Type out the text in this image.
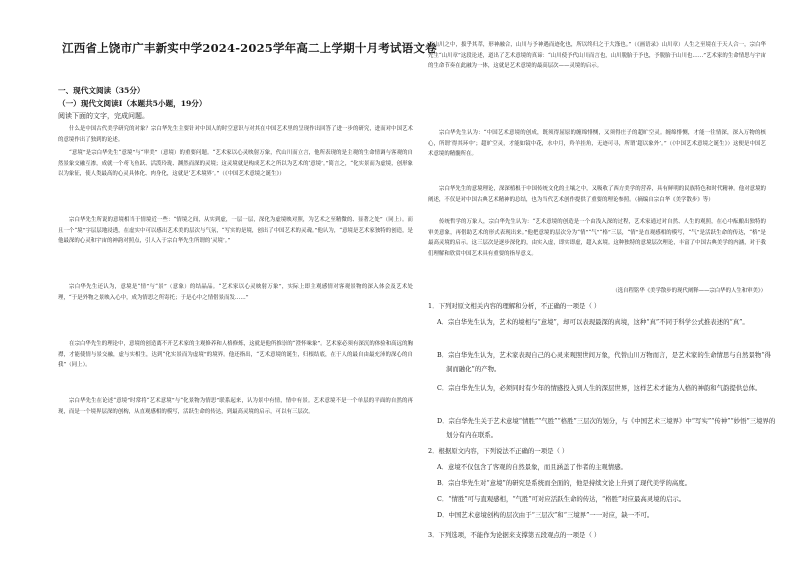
江西省上饶市广丰新实中学2024-2025学年高二上学期十月考试语文卷
一、现代文阅读（35分）
（一）现代文阅读I（本题共5小题，19分）
阅读下面的文字，完成问题。

什么是中国古代美学研究的对象？宗白华先生主要针对中国人的时空意识与对其在中国艺术里的呈现作出回答了进一步的研究，进而对中国艺术的意境作出了独到的论述。

“意境”是宗白华先生“意境”与“审美”（意境）的重要问题。“艺术家以心灵映射万象，代山川而立言，他所表现的是主观的生命情调与客观的自然景象交融互渗，成就一个鸢飞鱼跃、活泼玲珑、渊然而深的灵境；这灵境就是构成艺术之所以为艺术的‘意境’。”简言之，“化实景而为虚境，创形象以为象征，使人类最高的心灵具体化、肉身化，这就是‘艺术境界’。”（《中国艺术意境之诞生》）

宗白华先生所说的意境相当于情境近一些：“情境之间，从实到虚，一层一层，深化为虚境映对照，为艺术之至精微的、显著之处”（同上）。而且一个“境”字层层地浸透，在虚实中可以感出艺术美的层次与气氛，“写实的是境，创出了中国艺术的灵魂。”他认为，“意境是艺术家独特的创造，是他最深的心灵和宇宙的神韵对照点，引人入于宗白华先生所谓的‘灵境’。”

宗白华先生还认为，意境是“情”与“景”（意象）的结晶品。“艺术家以心灵映射万象”，实际上即主观感情对客观景物的深入体会及艺术处理，“于是外物之景映入心中，成为情思之所寄托；于是心中之情借景而发……”

在宗白华先生的理论中，意境的创造离不开艺术家的主观修养和人格修炼，这就是他所推崇的“澄怀味象”。艺术家必须有深沉的体验和高远的胸襟，才能使情与景交融，虚与实相生，达到“化实景而为虚境”的境界。他还指出，“艺术意境的诞生，归根结底，在于人的最自由最充沛的深心的自我”（同上）。

宗白华先生在论述“意境”时常将“艺术意境”与“化景物为情思”联系起来，认为景中有情，情中有景。艺术意境不是一个单层的平面的自然的再现，而是一个境界层深的创构，从直观感相的模写，活跃生命的传达，到最高灵境的启示，可以有三层次。

于山川之中，拔乎其萃，形神融合，山川与予神遇而迹化也，所以终归之于大涤也。”（《画语录》山川章）人生之至境在于天人合一，宗白华先生“山川章”这段论述，道出了艺术意境的真谛：“山川使予代山川而言也，山川脱胎于予也，予脱胎于山川也……”艺术家的生命情思与宇宙的生命节奏在此融为一体，这就是艺术意境的最高层次——灵境的启示。

宗白华先生认为：“中国艺术意境的创成，既须得屈原的缠绵悱恻，又须得庄子的超旷空灵。缠绵悱恻，才能一往情深，深入万物的核心，所谓‘得其环中’；超旷空灵，才能如镜中花，水中月，羚羊挂角，无迹可寻，所谓‘超以象外’。”（《中国艺术意境之诞生》）这便是中国艺术意境的精髓所在。

宗白华先生的意境理论，深深植根于中国传统文化的土壤之中，又吸收了西方美学的营养，具有鲜明的民族特色和时代精神。他对意境的阐述，不仅是对中国古典艺术精神的总结，也为当代艺术创作提供了重要的理论参照。（摘编自宗白华《美学散步》等）

传统哲学的万象人，宗白华先生认为：“艺术意境的创造是一个由浅入深的过程，艺术家通过对自然、人生的观照，在心中酝酿出独特的审美意象，再借助艺术的形式表现出来。”他把意境的层次分为“情”“气”“格”三层，“情”是直观感相的模写，“气”是活跃生命的传达，“格”是最高灵境的启示。这三层次是逐步深化的，由实入虚，即实即虚，超入玄境。这种独特的意境层次理论，丰富了中国古典美学的内涵，对于我们理解和欣赏中国艺术具有重要的指导意义。

（选自程铭华《美学散步的现代阐释——宗白华的人生和审美》）

1．下列对原文相关内容的理解和分析，不正确的一项是（ ）

A．宗白华先生认为，艺术的境相与“意境”，却可以表现最深的真境，这种“真”不同于科学公式推表述的“真”。

B．宗白华先生认为，艺术家表现自己的心灵来观照世间万象，代替山川万物而言，是艺术家的生命情思与自然景物“得洞而融化”的产物。

C．宗白华先生认为，必须同时有少年的情感投入到人生的深层世界，这样艺术才能为人格的神韵和气韵提供总体。

D．宗白华先生关于艺术意境“情胜”“气胜”“格胜”三层次的划分，与《中国艺术三境界》中“写实”“传神”“妙悟”三境界的划分有内在联系。

2．根据原文内容，下列说法不正确的一项是（ ）

A．意境不仅包含了客观的自然景象，而且涵盖了作者的主观情感。

B．宗白华先生对“意境”的研究是系统而全面的，他是持续文论上升到了现代美学的高度。

C．“情胜”可与直观感相，“气胜”可对应活跃生命的传达，“格胜”对应最高灵境的启示。

D．中国艺术意境创构的层次由于“三层次”和“三境界”一一对应，缺一不可。

3．下列选项，不能作为论据来支撑第五段观点的一项是（ ）
